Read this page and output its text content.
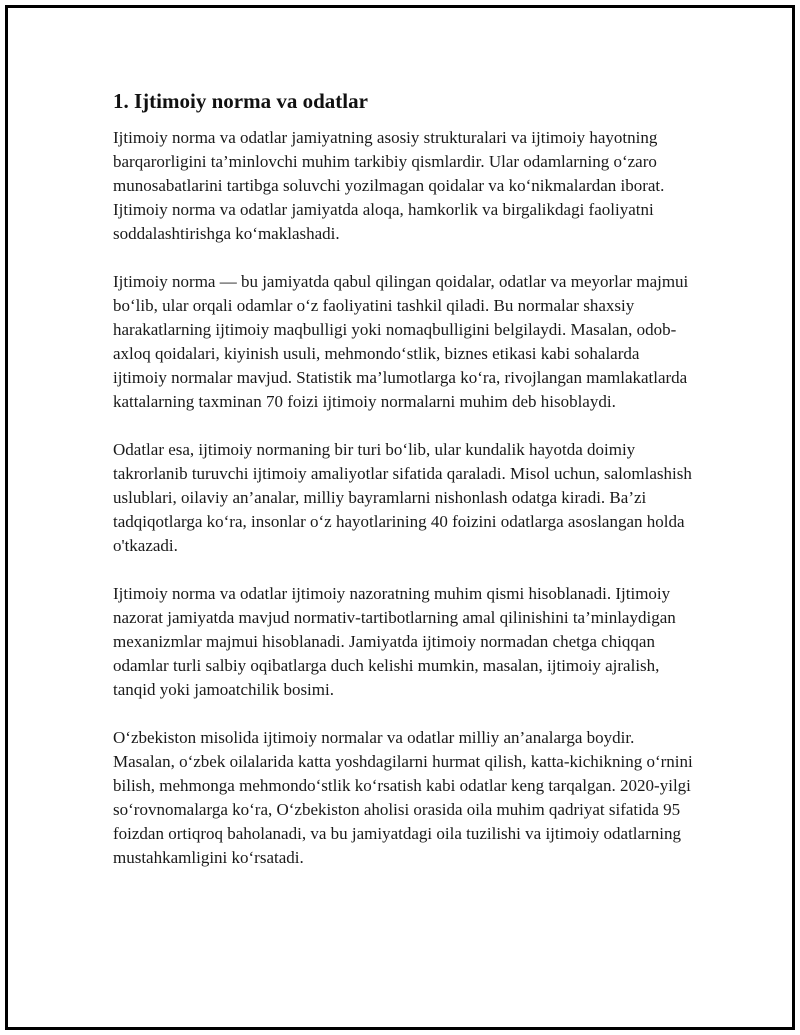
1. Ijtimoiy norma va odatlar

Ijtimoiy norma va odatlar jamiyatning asosiy strukturalari va ijtimoiy hayotning barqarorligini ta’minlovchi muhim tarkibiy qismlardir. Ular odamlarning o‘zaro munosabatlarini tartibga soluvchi yozilmagan qoidalar va ko‘nikmalardan iborat. Ijtimoiy norma va odatlar jamiyatda aloqa, hamkorlik va birgalikdagi faoliyatni soddalashtirishga ko‘maklashadi.

Ijtimoiy norma — bu jamiyatda qabul qilingan qoidalar, odatlar va meyorlar majmui bo‘lib, ular orqali odamlar o‘z faoliyatini tashkil qiladi. Bu normalar shaxsiy harakatlarning ijtimoiy maqbulligi yoki nomaqbulligini belgilaydi. Masalan, odob-axloq qoidalari, kiyinish usuli, mehmondo‘stlik, biznes etikasi kabi sohalarda ijtimoiy normalar mavjud. Statistik ma’lumotlarga ko‘ra, rivojlangan mamlakatlarda kattalarning taxminan 70 foizi ijtimoiy normalarni muhim deb hisoblaydi.

Odatlar esa, ijtimoiy normaning bir turi bo‘lib, ular kundalik hayotda doimiy takrorlanib turuvchi ijtimoiy amaliyotlar sifatida qaraladi. Misol uchun, salomlashish uslublari, oilaviy an’analar, milliy bayramlarni nishonlash odatga kiradi. Ba’zi tadqiqotlarga ko‘ra, insonlar o‘z hayotlarining 40 foizini odatlarga asoslangan holda o'tkazadi.

Ijtimoiy norma va odatlar ijtimoiy nazoratning muhim qismi hisoblanadi. Ijtimoiy nazorat jamiyatda mavjud normativ-tartibotlarning amal qilinishini ta’minlaydigan mexanizmlar majmui hisoblanadi. Jamiyatda ijtimoiy normadan chetga chiqqan odamlar turli salbiy oqibatlarga duch kelishi mumkin, masalan, ijtimoiy ajralish, tanqid yoki jamoatchilik bosimi.

O‘zbekiston misolida ijtimoiy normalar va odatlar milliy an’analarga boydir. Masalan, o‘zbek oilalarida katta yoshdagilarni hurmat qilish, katta-kichikning o‘rnini bilish, mehmonga mehmondo‘stlik ko‘rsatish kabi odatlar keng tarqalgan. 2020-yilgi so‘rovnomalarga ko‘ra, O‘zbekiston aholisi orasida oila muhim qadriyat sifatida 95 foizdan ortiqroq baholanadi, va bu jamiyatdagi oila tuzilishi va ijtimoiy odatlarning mustahkamligini ko‘rsatadi.
